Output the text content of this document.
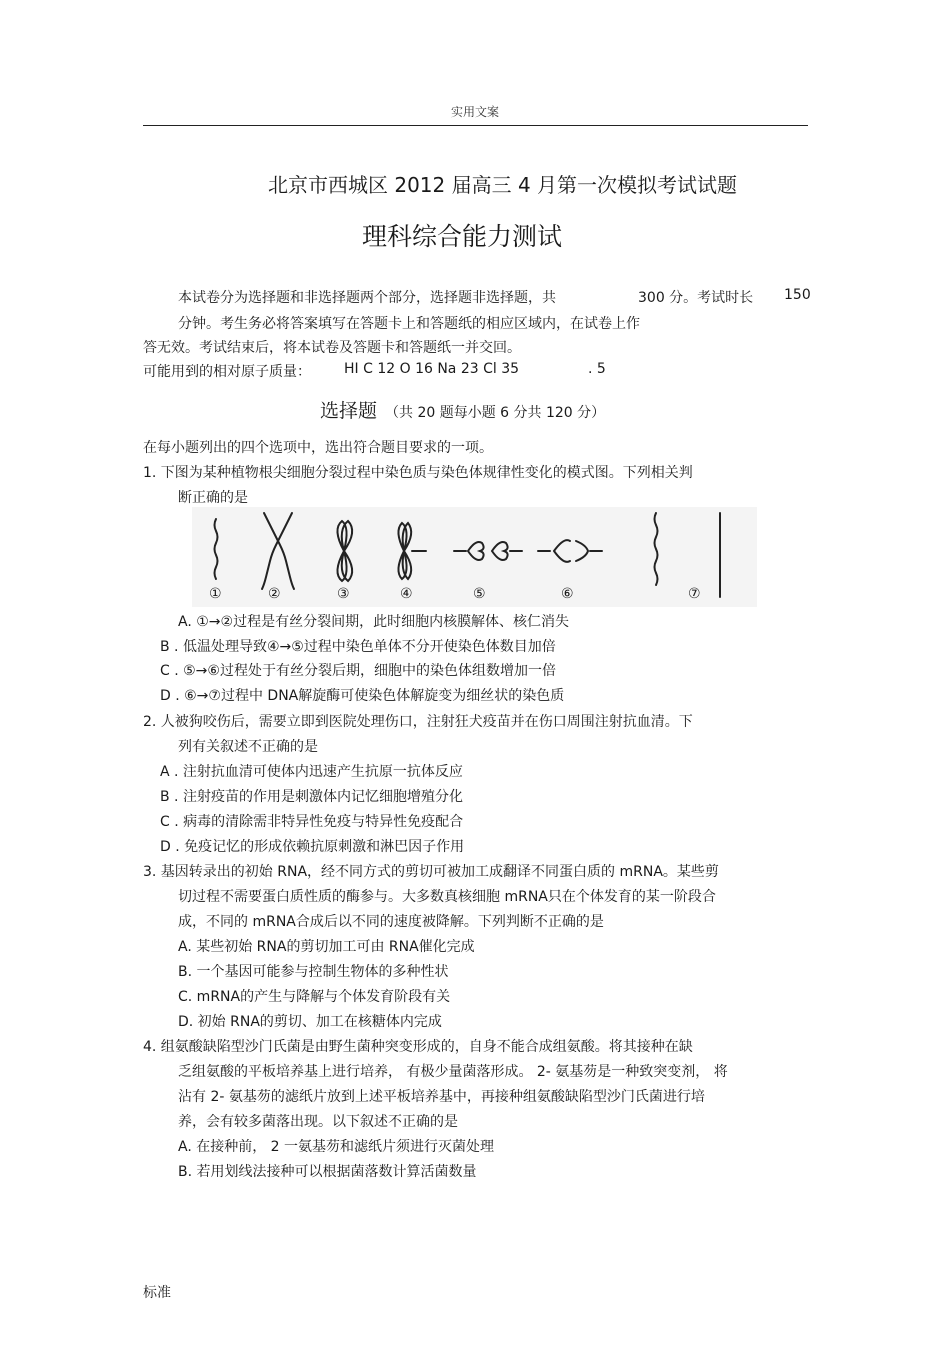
实用文案
北京市西城区 2012 届高三 4 月第一次模拟考试试题
理科综合能力测试
本试卷分为选择题和非选择题两个部分，选择题非选择题，共	300 分。考试时长 150
分钟。考生务必将答案填写在答题卡上和答题纸的相应区域内，在试卷上作
答无效。考试结束后，将本试卷及答题卡和答题纸一并交回。
可能用到的相对原子质量： HI C 12 O 16 Na 23 Cl 35	. 5
选择题 （共 20 题每小题 6 分共 120 分）
在每小题列出的四个选项中，选出符合题目要求的一项。
1. 下图为某种植物根尖细胞分裂过程中染色质与染色体规律性变化的模式图。下列相关判
断正确的是
①	②	③	④	⑤	⑥	⑦
A. ①→②过程是有丝分裂间期，此时细胞内核膜解体、核仁消失
B . 低温处理导致④→⑤过程中染色单体不分开使染色体数目加倍
C . ⑤→⑥过程处于有丝分裂后期，细胞中的染色体组数增加一倍
D . ⑥→⑦过程中 DNA解旋酶可使染色体解旋变为细丝状的染色质
2. 人被狗咬伤后，需要立即到医院处理伤口，注射狂犬疫苗并在伤口周围注射抗血清。下
列有关叙述不正确的是
A . 注射抗血清可使体内迅速产生抗原一抗体反应
B . 注射疫苗的作用是刺激体内记忆细胞增殖分化
C . 病毒的清除需非特异性免疫与特异性免疫配合
D . 免疫记忆的形成依赖抗原刺激和淋巴因子作用
3. 基因转录出的初始 RNA，经不同方式的剪切可被加工成翻译不同蛋白质的 mRNA。某些剪
切过程不需要蛋白质性质的酶参与。大多数真核细胞 mRNA只在个体发育的某一阶段合
成，不同的 mRNA合成后以不同的速度被降解。下列判断不正确的是
A. 某些初始 RNA的剪切加工可由 RNA催化完成
B. 一个基因可能参与控制生物体的多种性状
C. mRNA的产生与降解与个体发育阶段有关
D. 初始 RNA的剪切、加工在核糖体内完成
4. 组氨酸缺陷型沙门氏菌是由野生菌种突变形成的，自身不能合成组氨酸。将其接种在缺
乏组氨酸的平板培养基上进行培养， 有极少量菌落形成。 2- 氨基芴是一种致突变剂， 将
沾有 2- 氨基芴的滤纸片放到上述平板培养基中，再接种组氨酸缺陷型沙门氏菌进行培
养，会有较多菌落出现。以下叙述不正确的是
A. 在接种前， 2 一氨基芴和滤纸片须进行灭菌处理
B. 若用划线法接种可以根据菌落数计算活菌数量
标准
